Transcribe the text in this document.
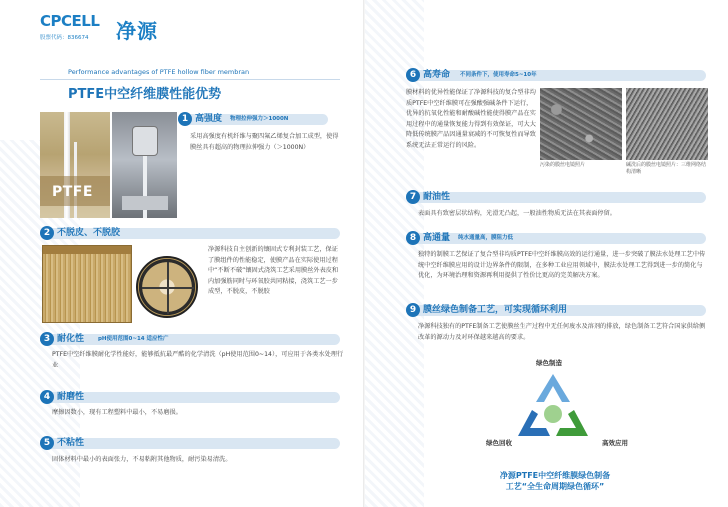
CPCELL
股票代码：836674 净源
Performance advantages of PTFE hollow fiber membran
PTFE中空纤维膜性能优势
PTFE
1 高强度 物理拉伸强力＞1000N
采用高强度有机纤维与聚四氟乙烯复合加工成型，使得膜丝具有超高的物理拉伸强力（＞1000N）
2 不脱皮、不脱胶
净源科技自主创新的镶固式专利封装工艺，保证了膜组件的性能稳定，使膜产品在实际使用过程中“不断不破”镶固式浇筑工艺采用膜丝外表皮和内加强筋同时与环氧胶共同粘接，浇筑工艺一步成型，不脱皮，不脱胶
3 耐化性	pH使用范围0~14 适应性广
PTFE中空纤维膜耐化学性能好，能够抵抗最严酷的化学清洗（pH使用范围0~14），可应用于各类水处理行业
4 耐磨性
摩擦因数小，现有工程塑料中最小，不易磨损。
5 不粘性
固体材料中最小的表面张力，不易粘附其他物质，耐污染易清洗。
6 高寿命 不同条件下，使用寿命5~10年
膜材料的优异性能保证了净源科技的复合型非均质PTFE中空纤维膜可在强酸强碱条件下运行，优异的抗氧化性能和耐酸碱性能使得膜产品在实用过程中的通量恢复能力得到有效保证，可大大降低传统膜产品因通量衰减的不可恢复性而导致系统无法正常运行的风险。
污染的膜丝电镜照片	碱洗后的膜丝电镜照片：三维网络结构清晰
7 耐油性
表面具有致密层状结构，光滑无凸起，一般油性物质无法在其表面停留。
8 高通量 纯水通量高，膜阻力低
独特的制膜工艺保证了复合型非均质PTFE中空纤维膜高效的运行通量，进一步突破了膜法水处理工艺中传统中空纤维膜应用的设计边界条件的限制，在多种工业应用领域中，膜法水处理工艺得到进一步的简化与优化，为环境治理和资源再利用提供了性价比更高的完美解决方案。
9 膜丝绿色制备工艺，可实现循环利用
净源科技独有的PTFE制备工艺使膜丝生产过程中无任何废水及溶剂的排放，绿色制备工艺符合国家供给侧改革的源动力及对环保越来越高的要求。
绿色制造
绿色回收	高效应用
净源PTFE中空纤维膜绿色制备
工艺“全生命周期绿色循环”
